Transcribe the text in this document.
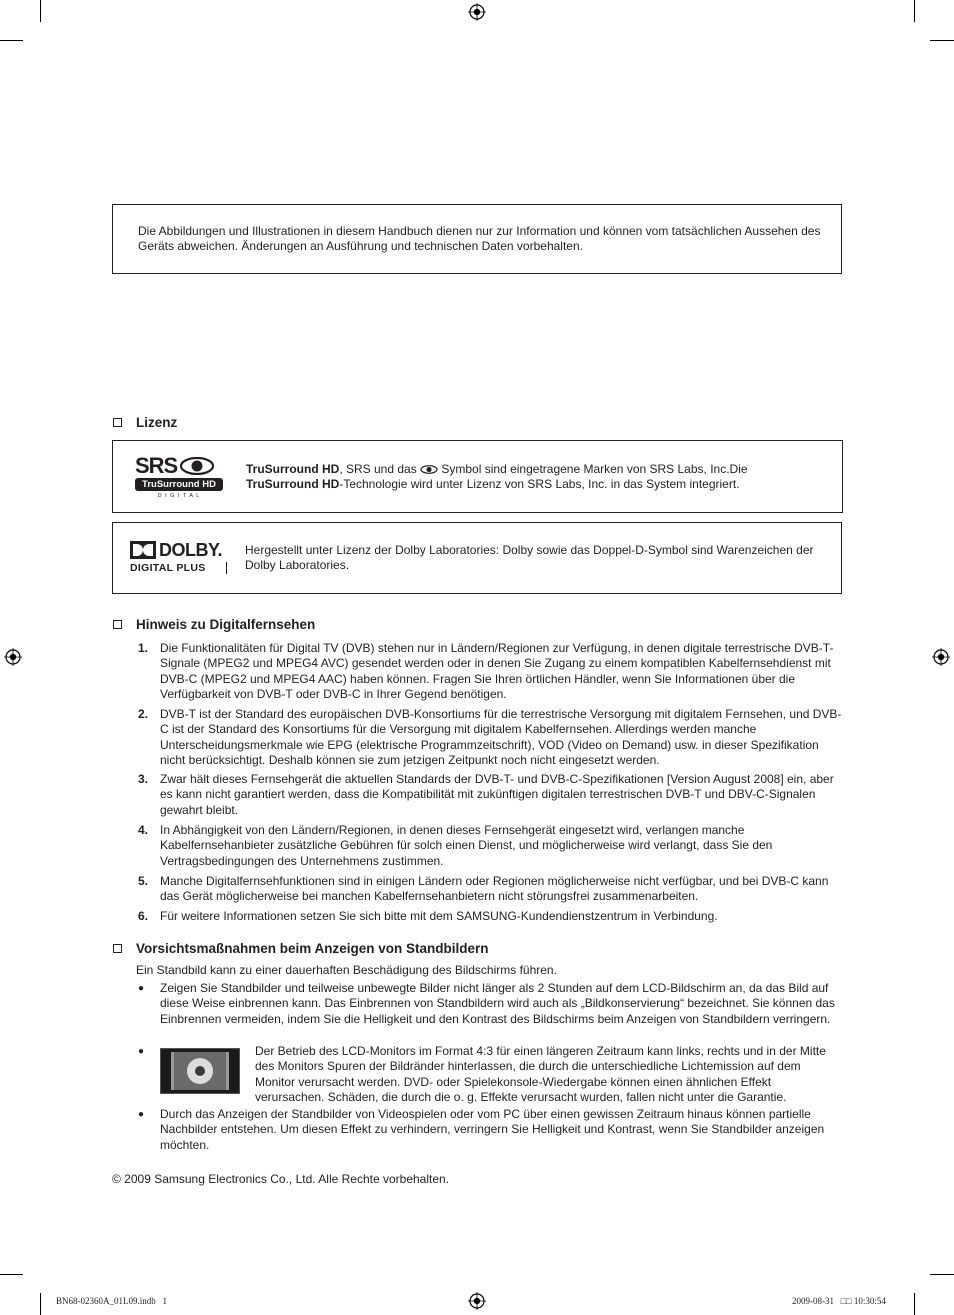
Die Abbildungen und Illustrationen in diesem Handbuch dienen nur zur Information und können vom tatsächlichen Aussehen des Geräts abweichen. Änderungen an Ausführung und technischen Daten vorbehalten.
Lizenz
SRS
TruSurround HD
D I G I T A L
TruSurround HD, SRS und das  Symbol sind eingetragene Marken von SRS Labs, Inc.Die
TruSurround HD-Technologie wird unter Lizenz von SRS Labs, Inc. in das System integriert.
DOLBY.
DIGITAL PLUS
Hergestellt unter Lizenz der Dolby Laboratories: Dolby sowie das Doppel-D-Symbol sind Warenzeichen der Dolby Laboratories.
Hinweis zu Digitalfernsehen
1. Die Funktionalitäten für Digital TV (DVB) stehen nur in Ländern/Regionen zur Verfügung, in denen digitale terrestrische DVB-T-Signale (MPEG2 und MPEG4 AVC) gesendet werden oder in denen Sie Zugang zu einem kompatiblen Kabelfernsehdienst mit DVB-C (MPEG2 und MPEG4 AAC) haben können. Fragen Sie Ihren örtlichen Händler, wenn Sie Informationen über die Verfügbarkeit von DVB-T oder DVB-C in Ihrer Gegend benötigen.
2. DVB-T ist der Standard des europäischen DVB-Konsortiums für die terrestrische Versorgung mit digitalem Fernsehen, und DVB-C ist der Standard des Konsortiums für die Versorgung mit digitalem Kabelfernsehen. Allerdings werden manche Unterscheidungsmerkmale wie EPG (elektrische Programmzeitschrift), VOD (Video on Demand) usw. in dieser Spezifikation nicht berücksichtigt. Deshalb können sie zum jetzigen Zeitpunkt noch nicht eingesetzt werden.
3. Zwar hält dieses Fernsehgerät die aktuellen Standards der DVB-T- und DVB-C-Spezifikationen [Version August 2008] ein, aber es kann nicht garantiert werden, dass die Kompatibilität mit zukünftigen digitalen terrestrischen DVB-T und DBV-C-Signalen gewahrt bleibt.
4. In Abhängigkeit von den Ländern/Regionen, in denen dieses Fernsehgerät eingesetzt wird, verlangen manche Kabelfernsehanbieter zusätzliche Gebühren für solch einen Dienst, und möglicherweise wird verlangt, dass Sie den Vertragsbedingungen des Unternehmens zustimmen.
5. Manche Digitalfernsehfunktionen sind in einigen Ländern oder Regionen möglicherweise nicht verfügbar, und bei DVB-C kann das Gerät möglicherweise bei manchen Kabelfernsehanbietern nicht störungsfrei zusammenarbeiten.
6. Für weitere Informationen setzen Sie sich bitte mit dem SAMSUNG-Kundendienstzentrum in Verbindung.
Vorsichtsmaßnahmen beim Anzeigen von Standbildern
Ein Standbild kann zu einer dauerhaften Beschädigung des Bildschirms führen.
●	Zeigen Sie Standbilder und teilweise unbewegte Bilder nicht länger als 2 Stunden auf dem LCD-Bildschirm an, da das Bild auf diese Weise einbrennen kann. Das Einbrennen von Standbildern wird auch als „Bildkonservierung“ bezeichnet. Sie können das Einbrennen vermeiden, indem Sie die Helligkeit und den Kontrast des Bildschirms beim Anzeigen von Standbildern verringern.
●	Der Betrieb des LCD-Monitors im Format 4:3 für einen längeren Zeitraum kann links, rechts und in der Mitte des Monitors Spuren der Bildränder hinterlassen, die durch die unterschiedliche Lichtemission auf dem Monitor verursacht werden. DVD- oder Spielekonsole-Wiedergabe können einen ähnlichen Effekt verursachen. Schäden, die durch die o. g. Effekte verursacht wurden, fallen nicht unter die Garantie.
●	Durch das Anzeigen der Standbilder von Videospielen oder vom PC über einen gewissen Zeitraum hinaus können partielle Nachbilder entstehen. Um diesen Effekt zu verhindern, verringern Sie Helligkeit und Kontrast, wenn Sie Standbilder anzeigen möchten.
© 2009 Samsung Electronics Co., Ltd. Alle Rechte vorbehalten.
BN68-02360A_01L09.indb   1	2009-08-31   □□ 10:30:54
